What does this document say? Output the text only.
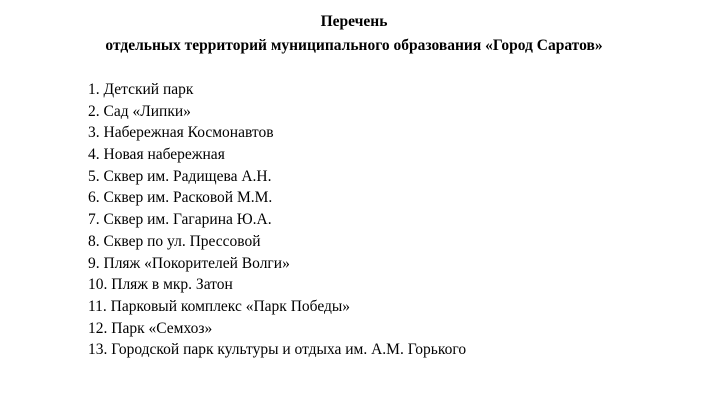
Перечень
отдельных территорий муниципального образования «Город Саратов»
1. Детский парк
2. Сад «Липки»
3. Набережная Космонавтов
4. Новая набережная
5. Сквер им. Радищева А.Н.
6. Сквер им. Расковой М.М.
7. Сквер им. Гагарина Ю.А.
8. Сквер по ул. Прессовой
9. Пляж «Покорителей Волги»
10. Пляж в мкр. Затон
11. Парковый комплекс «Парк Победы»
12. Парк «Семхоз»
13. Городской парк культуры и отдыха им. А.М. Горького
